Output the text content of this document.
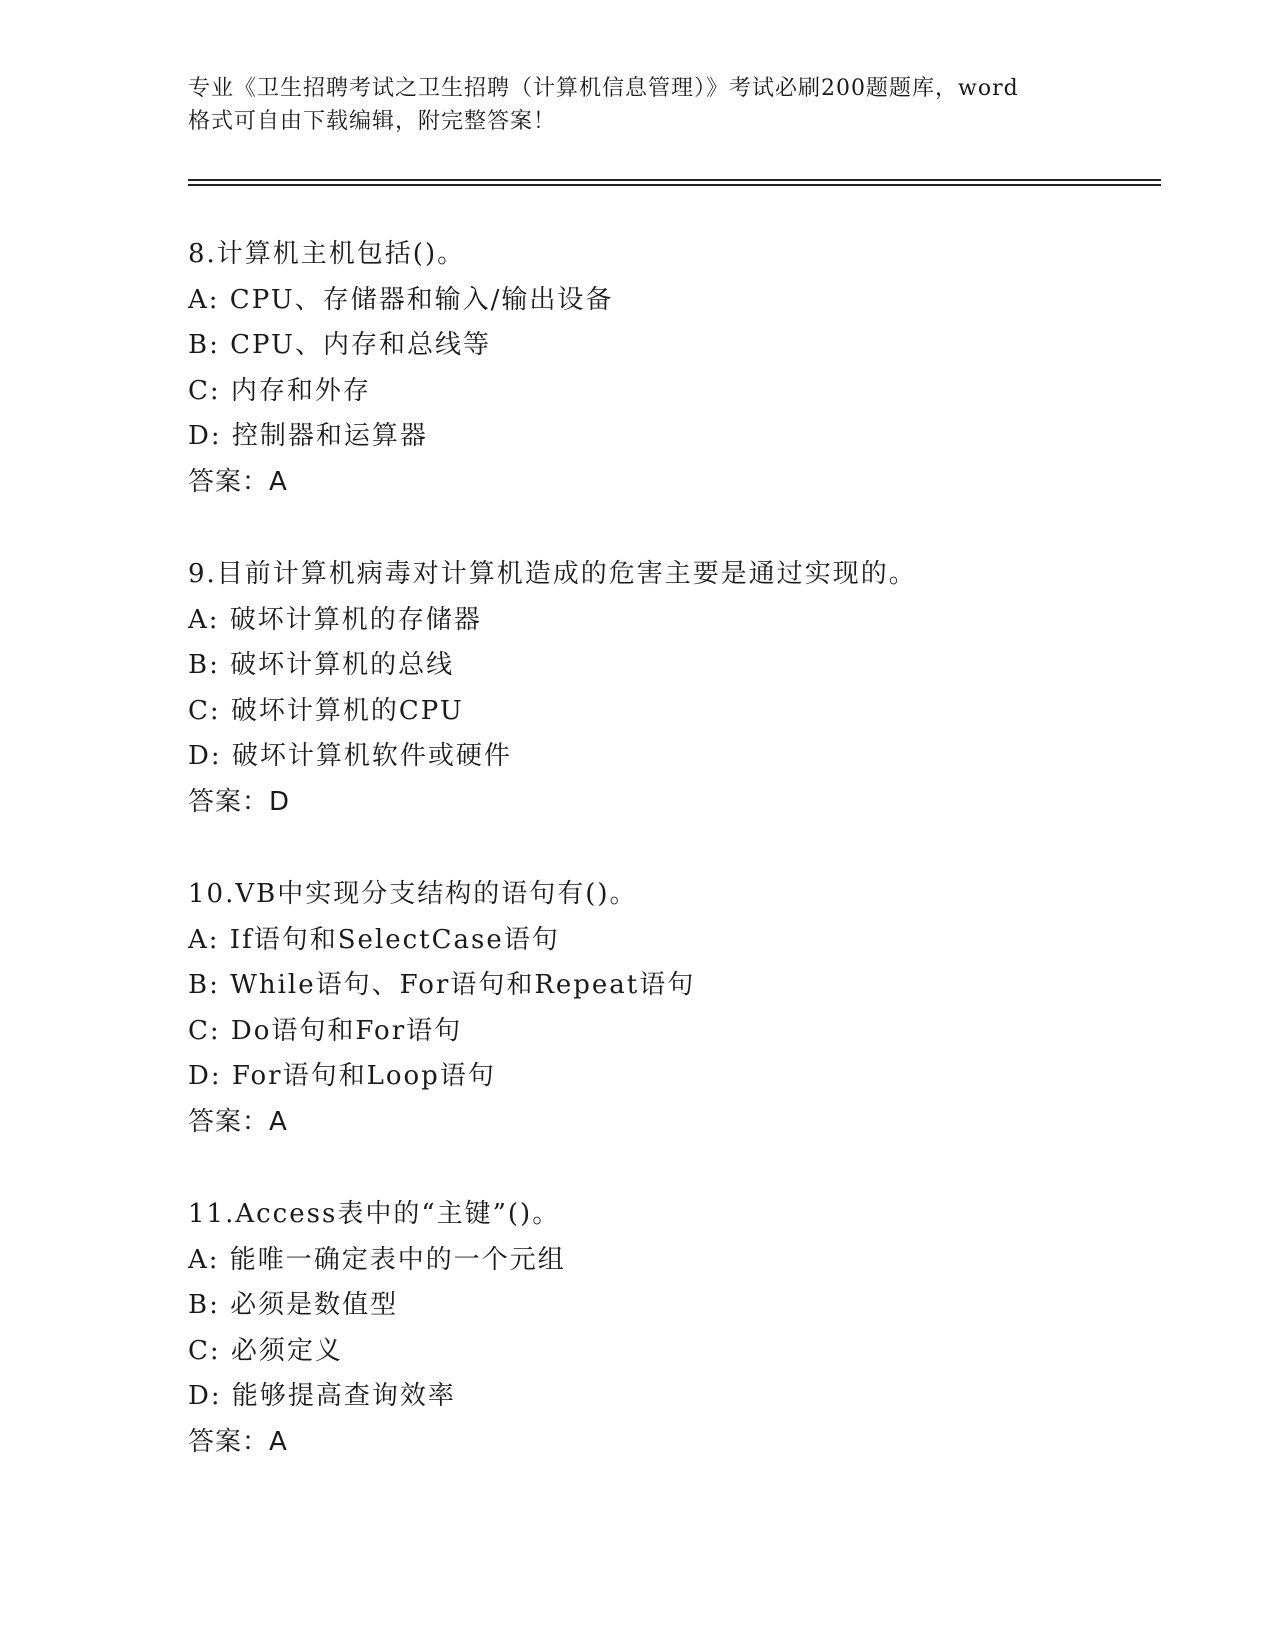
专业《卫生招聘考试之卫生招聘（计算机信息管理）》考试必刷200题题库，word
格式可自由下载编辑，附完整答案！
8.计算机主机包括()。
A: CPU、存储器和输入/输出设备
B: CPU、内存和总线等
C: 内存和外存
D: 控制器和运算器
答案：A
9.目前计算机病毒对计算机造成的危害主要是通过实现的。
A: 破坏计算机的存储器
B: 破坏计算机的总线
C: 破坏计算机的CPU
D: 破坏计算机软件或硬件
答案：D
10.VB中实现分支结构的语句有()。
A: If语句和SelectCase语句
B: While语句、For语句和Repeat语句
C: Do语句和For语句
D: For语句和Loop语句
答案：A
11.Access表中的“主键”()。
A: 能唯一确定表中的一个元组
B: 必须是数值型
C: 必须定义
D: 能够提高查询效率
答案：A
